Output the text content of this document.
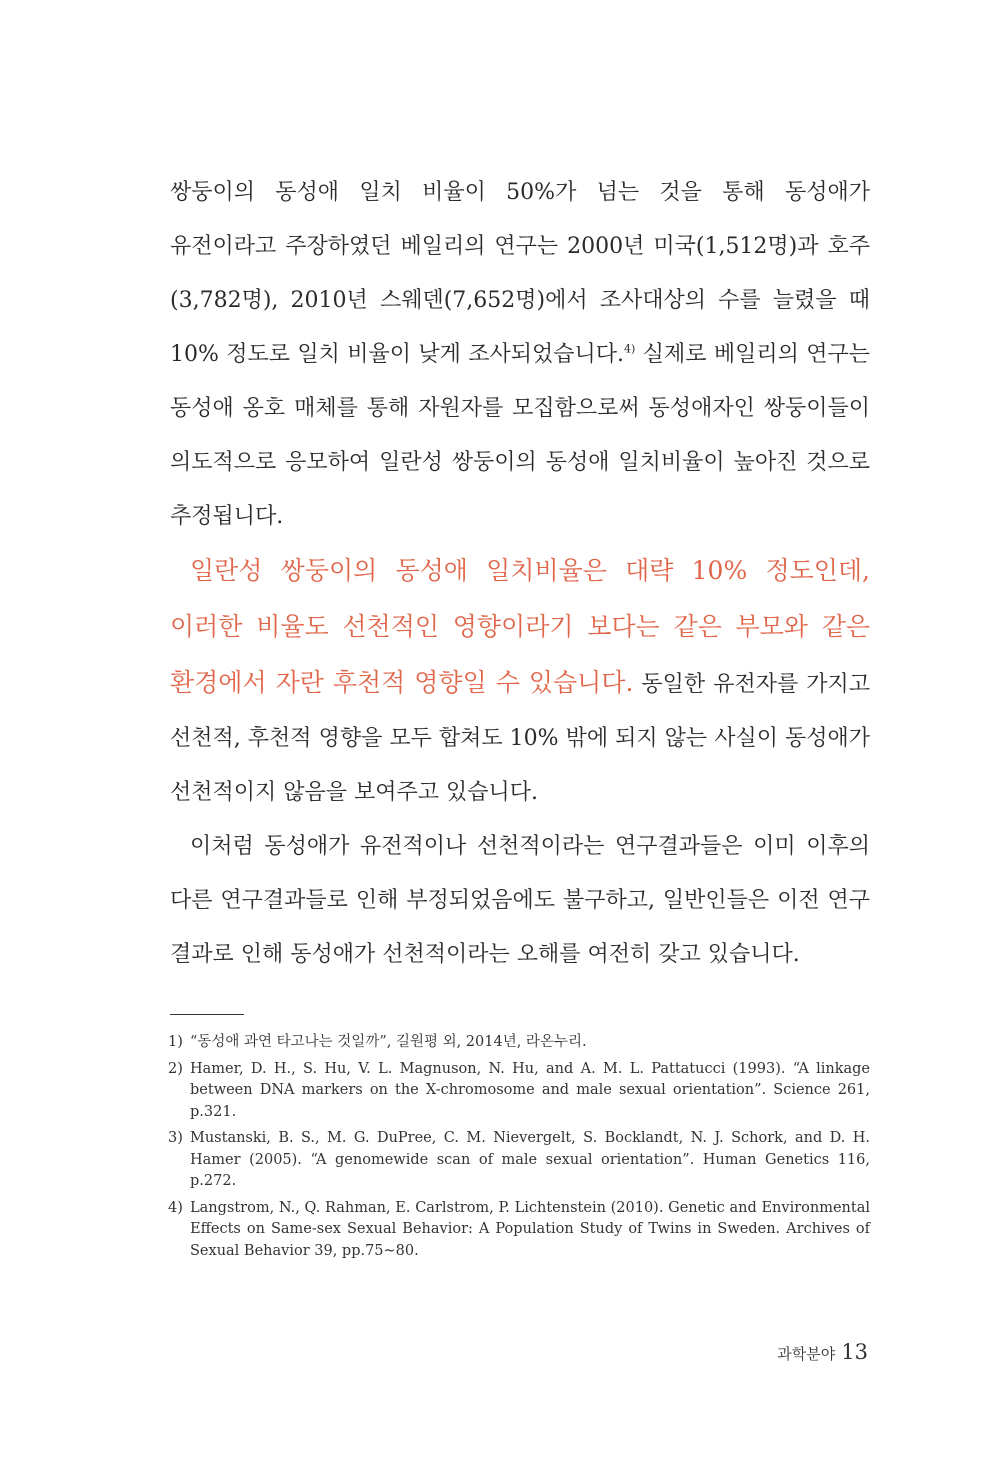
쌍둥이의 동성애 일치 비율이 50%가 넘는 것을 통해 동성애가 유전이라고 주장하였던 베일리의 연구는 2000년 미국(1,512명)과 호주(3,782명), 2010년 스웨덴(7,652명)에서 조사대상의 수를 늘렸을 때 10% 정도로 일치 비율이 낮게 조사되었습니다.$^{4)}$ 실제로 베일리의 연구는 동성애 옹호 매체를 통해 자원자를 모집함으로써 동성애자인 쌍둥이들이 의도적으로 응모하여 일란성 쌍둥이의 동성애 일치비율이 높아진 것으로 추정됩니다.

일란성 쌍둥이의 동성애 일치비율은 대략 10% 정도인데, 이러한 비율도 선천적인 영향이라기 보다는 같은 부모와 같은 환경에서 자란 후천적 영향일 수 있습니다. 동일한 유전자를 가지고 선천적, 후천적 영향을 모두 합쳐도 10% 밖에 되지 않는 사실이 동성애가 선천적이지 않음을 보여주고 있습니다.

이처럼 동성애가 유전적이나 선천적이라는 연구결과들은 이미 이후의 다른 연구결과들로 인해 부정되었음에도 불구하고, 일반인들은 이전 연구 결과로 인해 동성애가 선천적이라는 오해를 여전히 갖고 있습니다.

1) “동성애 과연 타고나는 것일까”, 길원평 외, 2014년, 라온누리.
2) Hamer, D. H., S. Hu, V. L. Magnuson, N. Hu, and A. M. L. Pattatucci (1993). “A linkage between DNA markers on the X-chromosome and male sexual orientation”. Science 261, p.321.
3) Mustanski, B. S., M. G. DuPree, C. M. Nievergelt, S. Bocklandt, N. J. Schork, and D. H. Hamer (2005). “A genomewide scan of male sexual orientation”. Human Genetics 116, p.272.
4) Langstrom, N., Q. Rahman, E. Carlstrom, P. Lichtenstein (2010). Genetic and Environmental Effects on Same-sex Sexual Behavior: A Population Study of Twins in Sweden. Archives of Sexual Behavior 39, pp.75~80.
과학분야 13
